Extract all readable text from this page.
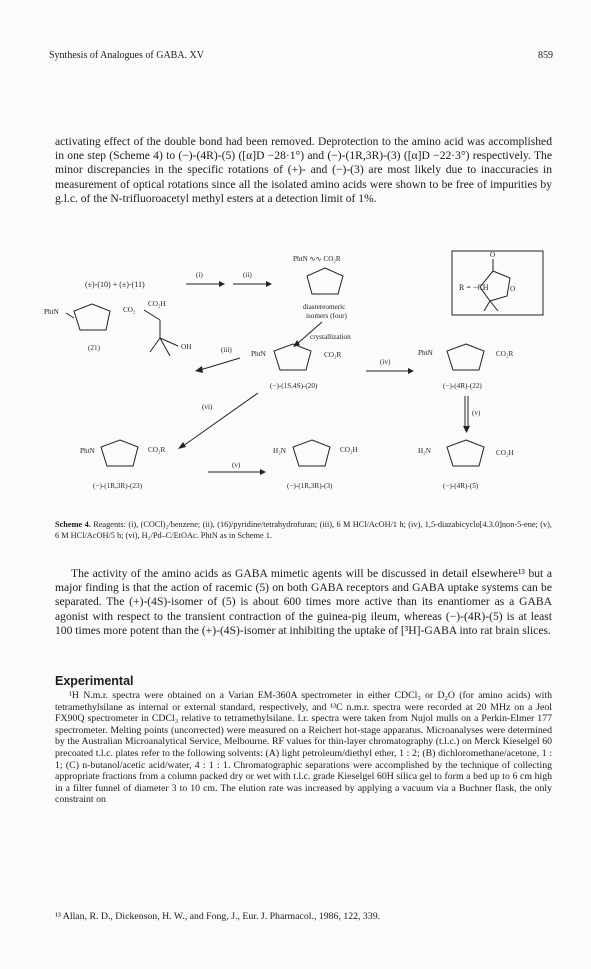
Synthesis of Analogues of GABA. XV	859

activating effect of the double bond had been removed. Deprotection to the amino acid was accomplished in one step (Scheme 4) to (−)-(4R)-(5) ([α]D −28·1°) and (−)-(1R,3R)-(3) ([α]D −22·3°) respectively. The minor discrepancies in the specific rotations of (+)- and (−)-(3) are most likely due to inaccuracies in measurement of optical rotations since all the isolated amino acids were shown to be free of impurities by g.l.c. of the N-trifluoroacetyl methyl esters at a detection limit of 1%.

R = −CH
O
O
(±)-(10) + (±)-(11)
(i)	(ii)
PhtN ∿∿ CO₂R
diastereomeric
isomers (four)
crystallization
PhtN	CO₂
CO₂H
OH
(21)	(iii)	PhtN	CO₂R
(−)-(1S,4S)-(20)
(iv)
PhtN	CO₂R
(−)-(4R)-(22)
(v)
(vi)
PhtN	CO₂R
(−)-(1R,3R)-(23)
(v)
H₂N	CO₂H
(−)-(1R,3R)-(3)
H₂N	CO₂H
(−)-(4R)-(5)
Scheme 4. Reagents: (i), (COCl)₂/benzene; (ii), (16)/pyridine/tetrahydrofuran; (iii), 6 M HCl/AcOH/1 h; (iv), 1,5-diazabicyclo[4.3.0]non-5-ene; (v), 6 M HCl/AcOH/5 h; (vi), H₂/Pd–C/EtOAc. PhtN as in Scheme 1.

The activity of the amino acids as GABA mimetic agents will be discussed in detail elsewhere¹³ but a major finding is that the action of racemic (5) on both GABA receptors and GABA uptake systems can be separated. The (+)-(4S)-isomer of (5) is about 600 times more active than its enantiomer as a GABA agonist with respect to the transient contraction of the guinea-pig ileum, whereas (−)-(4R)-(5) is at least 100 times more potent than the (+)-(4S)-isomer at inhibiting the uptake of [³H]-GABA into rat brain slices.

Experimental
¹H N.m.r. spectra were obtained on a Varian EM-360A spectrometer in either CDCl₃ or D₂O (for amino acids) with tetramethylsilane as internal or external standard, respectively, and ¹³C n.m.r. spectra were recorded at 20 MHz on a Jeol FX90Q spectrometer in CDCl₃ relative to tetramethylsilane. I.r. spectra were taken from Nujol mulls on a Perkin-Elmer 177 spectrometer. Melting points (uncorrected) were measured on a Reichert hot-stage apparatus. Microanalyses were determined by the Australian Microanalytical Service, Melbourne. RF values for thin-layer chromatography (t.l.c.) on Merck Kieselgel 60 precoated t.l.c. plates refer to the following solvents: (A) light petroleum/diethyl ether, 1 : 2; (B) dichloromethane/acetone, 1 : 1; (C) n-butanol/acetic acid/water, 4 : 1 : 1. Chromatographic separations were accomplished by the technique of collecting appropriate fractions from a column packed dry or wet with t.l.c. grade Kieselgel 60H silica gel to form a bed up to 6 cm high in a filter funnel of diameter 3 to 10 cm. The elution rate was increased by applying a vacuum via a Buchner flask, the only constraint on
¹³ Allan, R. D., Dickenson, H. W., and Fong, J., Eur. J. Pharmacol., 1986, 122, 339.
